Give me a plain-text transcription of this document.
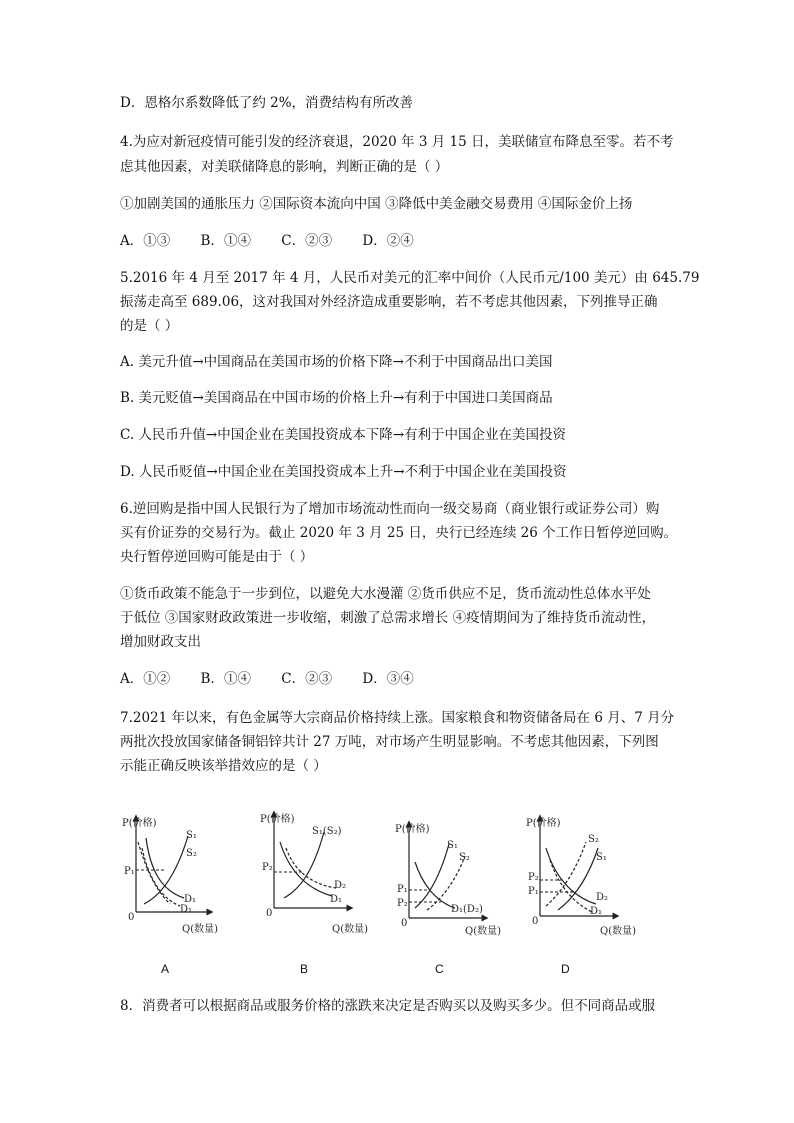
D．恩格尔系数降低了约 2%，消费结构有所改善
4.为应对新冠疫情可能引发的经济衰退，2020 年 3 月 15 日，美联储宣布降息至零。若不考
虑其他因素，对美联储降息的影响，判断正确的是（ ）
①加剧美国的通胀压力 ②国际资本流向中国 ③降低中美金融交易费用 ④国际金价上扬
A．①③ B．①④ C．②③ D．②④
5.2016 年 4 月至 2017 年 4 月，人民币对美元的汇率中间价（人民币元/100 美元）由 645.79
振荡走高至 689.06，这对我国对外经济造成重要影响，若不考虑其他因素，下列推导正确
的是（ ）
A. 美元升值→中国商品在美国市场的价格下降→不利于中国商品出口美国
B. 美元贬值→美国商品在中国市场的价格上升→有利于中国进口美国商品
C. 人民币升值→中国企业在美国投资成本下降→有利于中国企业在美国投资
D. 人民币贬值→中国企业在美国投资成本上升→不利于中国企业在美国投资
6.逆回购是指中国人民银行为了增加市场流动性而向一级交易商（商业银行或证券公司）购
买有价证券的交易行为。截止 2020 年 3 月 25 日，央行已经连续 26 个工作日暂停逆回购。
央行暂停逆回购可能是由于（ ）
①货币政策不能急于一步到位，以避免大水漫灌 ②货币供应不足，货币流动性总体水平处
于低位 ③国家财政政策进一步收缩，刺激了总需求增长 ④疫情期间为了维持货币流动性，
增加财政支出
A．①② B．①④ C．②③ D．③④
7.2021 年以来，有色金属等大宗商品价格持续上涨。国家粮食和物资储备局在 6 月、7 月分
两批次投放国家储备铜铝锌共计 27 万吨，对市场产生明显影响。不考虑其他因素，下列图
示能正确反映该举措效应的是（ ）
P(价格)
Q(数量)
0
S₁
S₂
D₁
D₁
P₁
A
P(价格)
Q(数量)
0
S₁(S₂)
D₂
D₁
P₂
B
P(价格)
Q(数量)
0
S₁
S₂
D₁(D₂)
P₁
P₂
C
P(价格)
Q(数量)
0
S₂
S₁
D₂
D₁
P₂
P₁
D
8．消费者可以根据商品或服务价格的涨跌来决定是否购买以及购买多少。但不同商品或服
